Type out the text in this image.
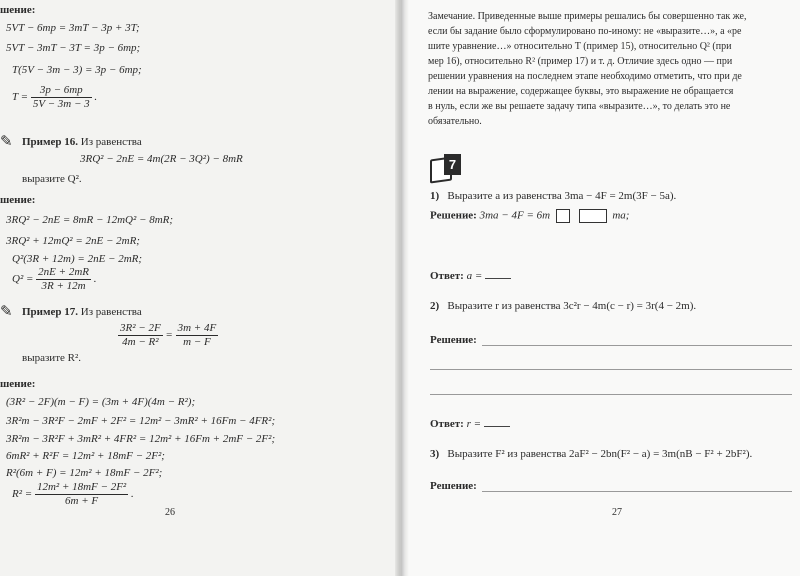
шение:
5VT − 6mp = 3mT − 3p + 3T;
5VT − 3mT − 3T = 3p − 6mp;
T(5V − 3m − 3) = 3p − 6mp;
$T = \frac{3p - 6mp}{5V - 3m - 3}$ .
✎ Пример 16. Из равенства
3RQ² − 2nE = 4m(2R − 3Q²) − 8mR
выразите Q².
шение:
3RQ² − 2nE = 8mR − 12mQ² − 8mR;
3RQ² + 12mQ² = 2nE − 2mR;
Q²(3R + 12m) = 2nE − 2mR;
$Q^2 = \frac{2nE + 2mR}{3R + 12m}$ .
✎ Пример 17. Из равенства
$\frac{\text{3R² − 2F}}{\text{4m − R²}} = \frac{3m + 4F}{m - F}$
выразите R².
шение:
(3R² − 2F)(m − F) = (3m + 4F)(4m − R²);
3R²m − 3R²F − 2mF + 2F² = 12m² − 3mR² + 16Fm − 4FR²;
3R²m − 3R²F + 3mR² + 4FR² = 12m² + 16Fm + 2mF − 2F²;
6mR² + R²F = 12m² + 18mF − 2F²;
R²(6m + F) = 12m² + 18mF − 2F²;
$R^2 = \frac{\text{12m² + 18mF − 2F²}}{6m + F}$ .
26
Замечание. Приведенные выше примеры решались бы совершенно так же,
если бы задание было сформулировано по-иному: не «выразите…», а «ре
шите уравнение…» относительно T (пример 15), относительно Q² (при
мер 16), относительно R² (пример 17) и т. д. Отличие здесь одно — при
решении уравнения на последнем этапе необходимо отметить, что при де
лении на выражение, содержащее буквы, это выражение не обращается
в нуль, если же вы решаете задачу типа «выразите…», то делать это не
обязательно.
7
1) Выразите a из равенства 3ma − 4F = 2m(3F − 5a).
Решение: 3ma − 4F = 6m	ma;
Ответ: a =
2) Выразите r из равенства 3c²r − 4m(c − r) = 3r(4 − 2m).
Решение:
Ответ: r =
3) Выразите F² из равенства 2aF² − 2bn(F² − a) = 3m(nB − F² + 2bF²).
Решение:
27
